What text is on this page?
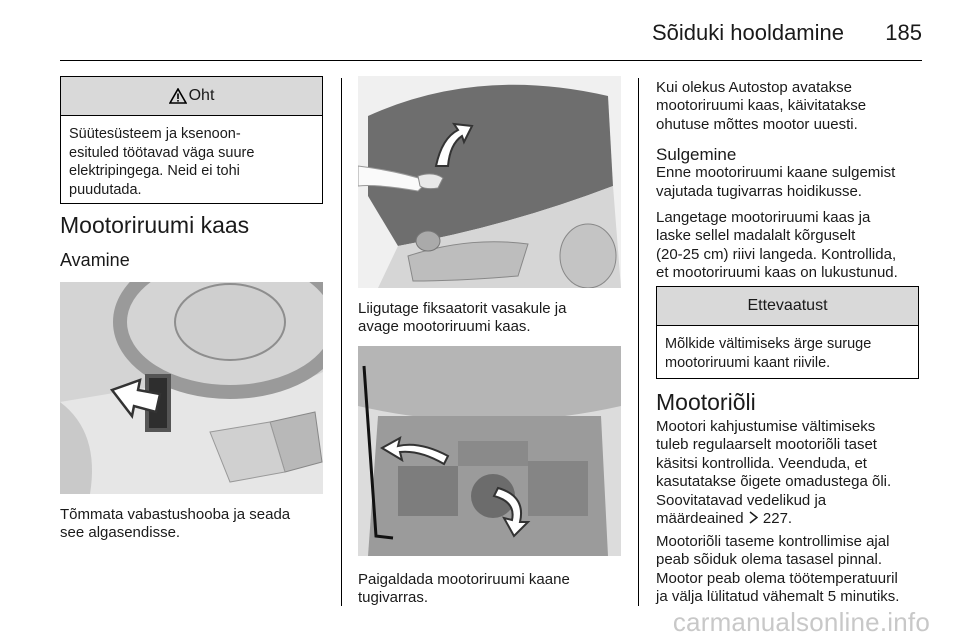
Sõiduki hooldamine 185
Oht
Süütesüsteem ja ksenoon-
esituled töötavad väga suure
elektripingega. Neid ei tohi
puudutada.
Mootoriruumi kaas
Avamine
Tõmmata vabastushooba ja seada
see algasendisse.
Liigutage fiksaatorit vasakule ja
avage mootoriruumi kaas.
Paigaldada mootoriruumi kaane
tugivarras.
Kui olekus Autostop avatakse
mootoriruumi kaas, käivitatakse
ohutuse mõttes mootor uuesti.
Sulgemine
Enne mootoriruumi kaane sulgemist
vajutada tugivarras hoidikusse.
Langetage mootoriruumi kaas ja
laske sellel madalalt kõrguselt
(20-25 cm) riivi langeda. Kontrollida,
et mootoriruumi kaas on lukustunud.
Ettevaatust
Mõlkide vältimiseks ärge suruge
mootoriruumi kaant riivile.
Mootoriõli
Mootori kahjustumise vältimiseks
tuleb regulaarselt mootoriõli taset
käsitsi kontrollida. Veenduda, et
kasutatakse õigete omadustega õli.
Soovitatavad vedelikud ja
määrdeained 227.
Mootoriõli taseme kontrollimise ajal
peab sõiduk olema tasasel pinnal.
Mootor peab olema töötemperatuuril
ja välja lülitatud vähemalt 5 minutiks.
carmanualsonline.info
